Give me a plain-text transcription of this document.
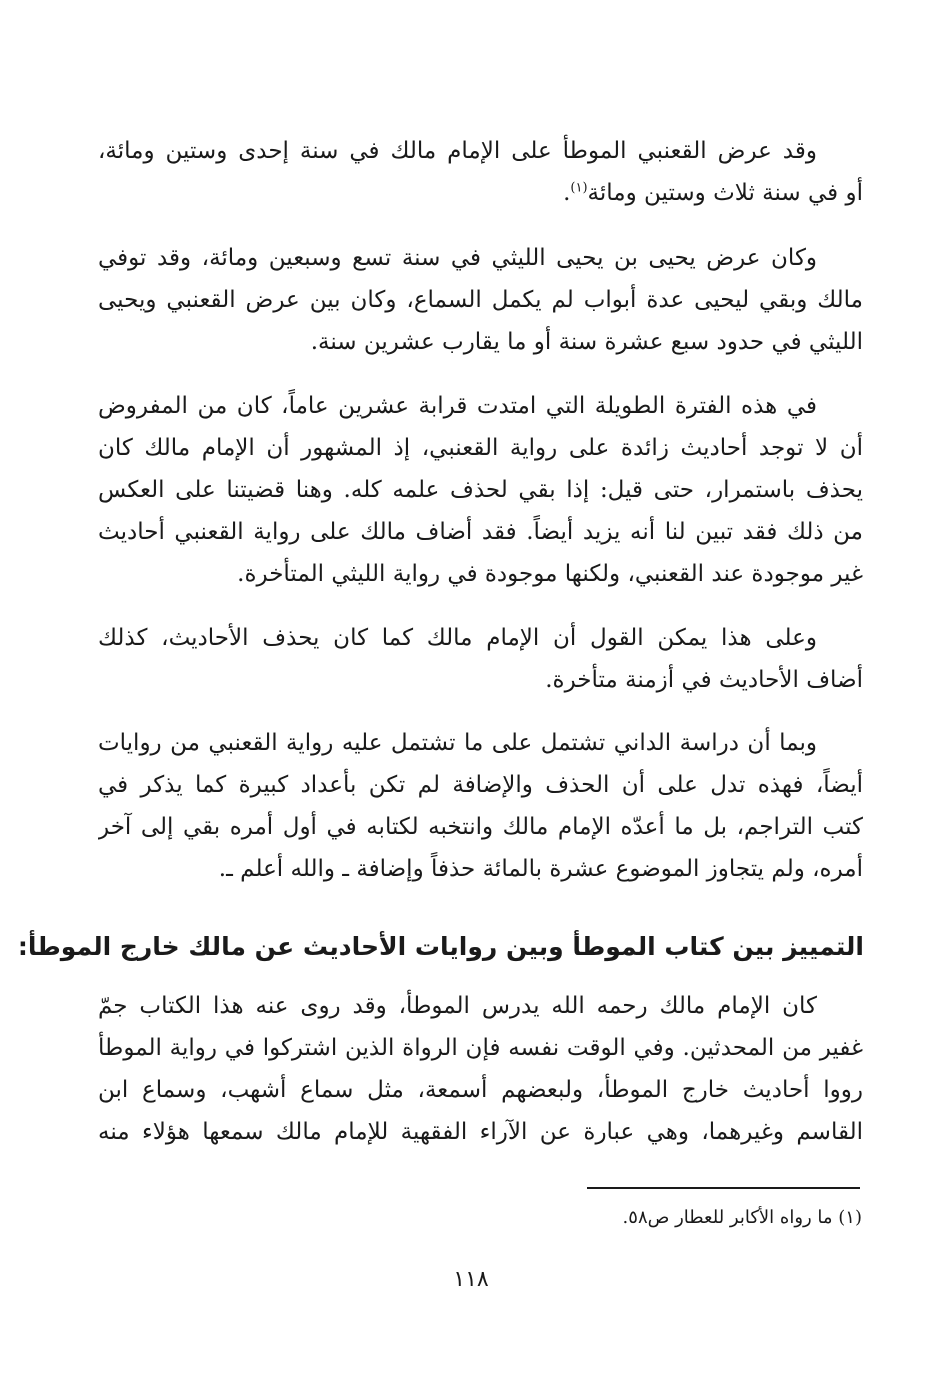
وقد عرض القعنبي الموطأ على الإمام مالك في سنة إحدى وستين ومائة،
أو في سنة ثلاث وستين ومائة$^{(١)}$.
وكان عرض يحيى بن يحيى الليثي في سنة تسع وسبعين ومائة، وقد توفي
مالك وبقي ليحيى عدة أبواب لم يكمل السماع، وكان بين عرض القعنبي ويحيى
الليثي في حدود سبع عشرة سنة أو ما يقارب عشرين سنة.
في هذه الفترة الطويلة التي امتدت قرابة عشرين عاماً، كان من المفروض
أن لا توجد أحاديث زائدة على رواية القعنبي، إذ المشهور أن الإمام مالك كان
يحذف باستمرار، حتى قيل: إذا بقي لحذف علمه كله. وهنا قضيتنا على العكس
من ذلك فقد تبين لنا أنه يزيد أيضاً. فقد أضاف مالك على رواية القعنبي أحاديث
غير موجودة عند القعنبي، ولكنها موجودة في رواية الليثي المتأخرة.
وعلى هذا يمكن القول أن الإمام مالك كما كان يحذف الأحاديث، كذلك
أضاف الأحاديث في أزمنة متأخرة.
وبما أن دراسة الداني تشتمل على ما تشتمل عليه رواية القعنبي من روايات
أيضاً، فهذه تدل على أن الحذف والإضافة لم تكن بأعداد كبيرة كما يذكر في
كتب التراجم، بل ما أعدّه الإمام مالك وانتخبه لكتابه في أول أمره بقي إلى آخر
أمره، ولم يتجاوز الموضوع عشرة بالمائة حذفاً وإضافة ـ والله أعلم ـ.
التمييز بين كتاب الموطأ وبين روايات الأحاديث عن مالك خارج الموطأ:
كان الإمام مالك رحمه الله يدرس الموطأ، وقد روى عنه هذا الكتاب جمّ
غفير من المحدثين. وفي الوقت نفسه فإن الرواة الذين اشتركوا في رواية الموطأ
رووا أحاديث خارج الموطأ، ولبعضهم أسمعة، مثل سماع أشهب، وسماع ابن
القاسم وغيرهما، وهي عبارة عن الآراء الفقهية للإمام مالك سمعها هؤلاء منه
(١) ما رواه الأكابر للعطار ص٥٨.
١١٨
